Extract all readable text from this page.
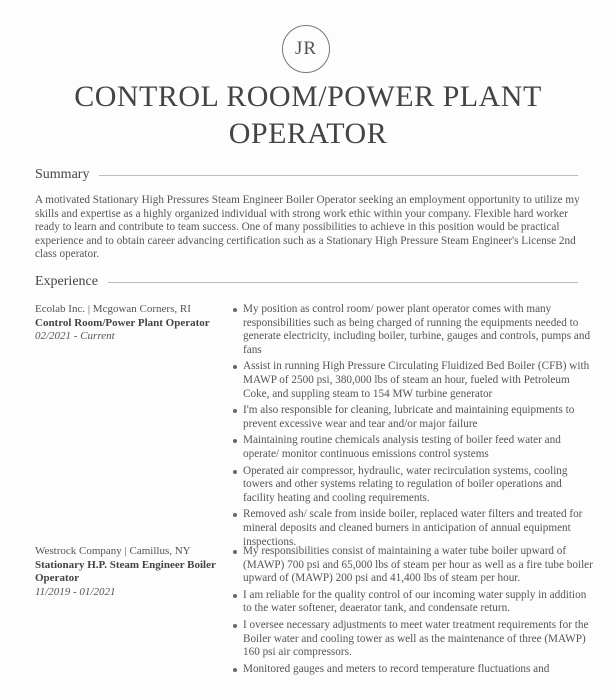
JR
CONTROL ROOM/POWER PLANT
OPERATOR
Summary
A motivated Stationary High Pressures Steam Engineer Boiler Operator seeking an employment opportunity to utilize my skills and expertise as a highly organized individual with strong work ethic within your company. Flexible hard worker ready to learn and contribute to team success. One of many possibilities to achieve in this position would be practical experience and to obtain career advancing certification such as a Stationary High Pressure Steam Engineer's License 2nd class operator.
Experience
Ecolab Inc. | Mcgowan Corners, RI
Control Room/Power Plant Operator
02/2021 - Current
My position as control room/ power plant operator comes with many responsibilities such as being charged of running the equipments needed to generate electricity, including boiler, turbine, gauges and controls, pumps and fans
Assist in running High Pressure Circulating Fluidized Bed Boiler (CFB) with MAWP of 2500 psi, 380,000 lbs of steam an hour, fueled with Petroleum Coke, and suppling steam to 154 MW turbine generator
I'm also responsible for cleaning, lubricate and maintaining equipments to prevent excessive wear and tear and/or major failure
Maintaining routine chemicals analysis testing of boiler feed water and operate/ monitor continuous emissions control systems
Operated air compressor, hydraulic, water recirculation systems, cooling towers and other systems relating to regulation of boiler operations and facility heating and cooling requirements.
Removed ash/ scale from inside boiler, replaced water filters and treated for mineral deposits and cleaned burners in anticipation of annual equipment inspections.
Westrock Company | Camillus, NY
Stationary H.P. Steam Engineer Boiler Operator
11/2019 - 01/2021
My responsibilities consist of maintaining a water tube boiler upward of (MAWP) 700 psi and 65,000 lbs of steam per hour as well as a fire tube boiler upward of (MAWP) 200 psi and 41,400 lbs of steam per hour.
I am reliable for the quality control of our incoming water supply in addition to the water softener, deaerator tank, and condensate return.
I oversee necessary adjustments to meet water treatment requirements for the Boiler water and cooling tower as well as the maintenance of three (MAWP) 160 psi air compressors.
Monitored gauges and meters to record temperature fluctuations and
